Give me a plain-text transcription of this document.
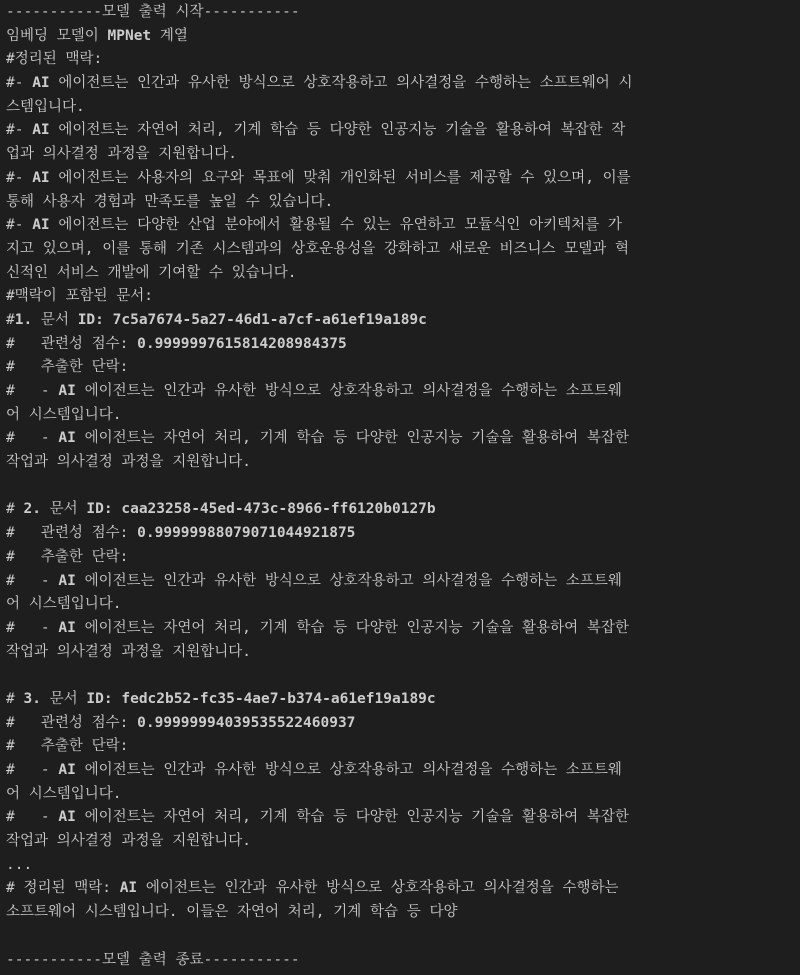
-----------모델 출력 시작-----------
임베딩 모델이 MPNet 계열
#정리된 맥락:
#- AI 에이전트는 인간과 유사한 방식으로 상호작용하고 의사결정을 수행하는 소프트웨어 시
스템입니다.
#- AI 에이전트는 자연어 처리, 기계 학습 등 다양한 인공지능 기술을 활용하여 복잡한 작
업과 의사결정 과정을 지원합니다.
#- AI 에이전트는 사용자의 요구와 목표에 맞춰 개인화된 서비스를 제공할 수 있으며, 이를
통해 사용자 경험과 만족도를 높일 수 있습니다.
#- AI 에이전트는 다양한 산업 분야에서 활용될 수 있는 유연하고 모듈식인 아키텍처를 가
지고 있으며, 이를 통해 기존 시스템과의 상호운용성을 강화하고 새로운 비즈니스 모델과 혁
신적인 서비스 개발에 기여할 수 있습니다.
#맥락이 포함된 문서:
#1. 문서 ID: 7c5a7674-5a27-46d1-a7cf-a61ef19a189c
#   관련성 점수: 0.9999997615814208984375
#   추출한 단락:
#   - AI 에이전트는 인간과 유사한 방식으로 상호작용하고 의사결정을 수행하는 소프트웨
어 시스템입니다.
#   - AI 에이전트는 자연어 처리, 기계 학습 등 다양한 인공지능 기술을 활용하여 복잡한
작업과 의사결정 과정을 지원합니다.
# 2. 문서 ID: caa23258-45ed-473c-8966-ff6120b0127b
#   관련성 점수: 0.99999988079071044921875
#   추출한 단락:
#   - AI 에이전트는 인간과 유사한 방식으로 상호작용하고 의사결정을 수행하는 소프트웨
어 시스템입니다.
#   - AI 에이전트는 자연어 처리, 기계 학습 등 다양한 인공지능 기술을 활용하여 복잡한
작업과 의사결정 과정을 지원합니다.
# 3. 문서 ID: fedc2b52-fc35-4ae7-b374-a61ef19a189c
#   관련성 점수: 0.99999994039535522460937
#   추출한 단락:
#   - AI 에이전트는 인간과 유사한 방식으로 상호작용하고 의사결정을 수행하는 소프트웨
어 시스템입니다.
#   - AI 에이전트는 자연어 처리, 기계 학습 등 다양한 인공지능 기술을 활용하여 복잡한
작업과 의사결정 과정을 지원합니다.
...
# 정리된 맥락: AI 에이전트는 인간과 유사한 방식으로 상호작용하고 의사결정을 수행하는
소프트웨어 시스템입니다. 이들은 자연어 처리, 기계 학습 등 다양
-----------모델 출력 종료-----------
